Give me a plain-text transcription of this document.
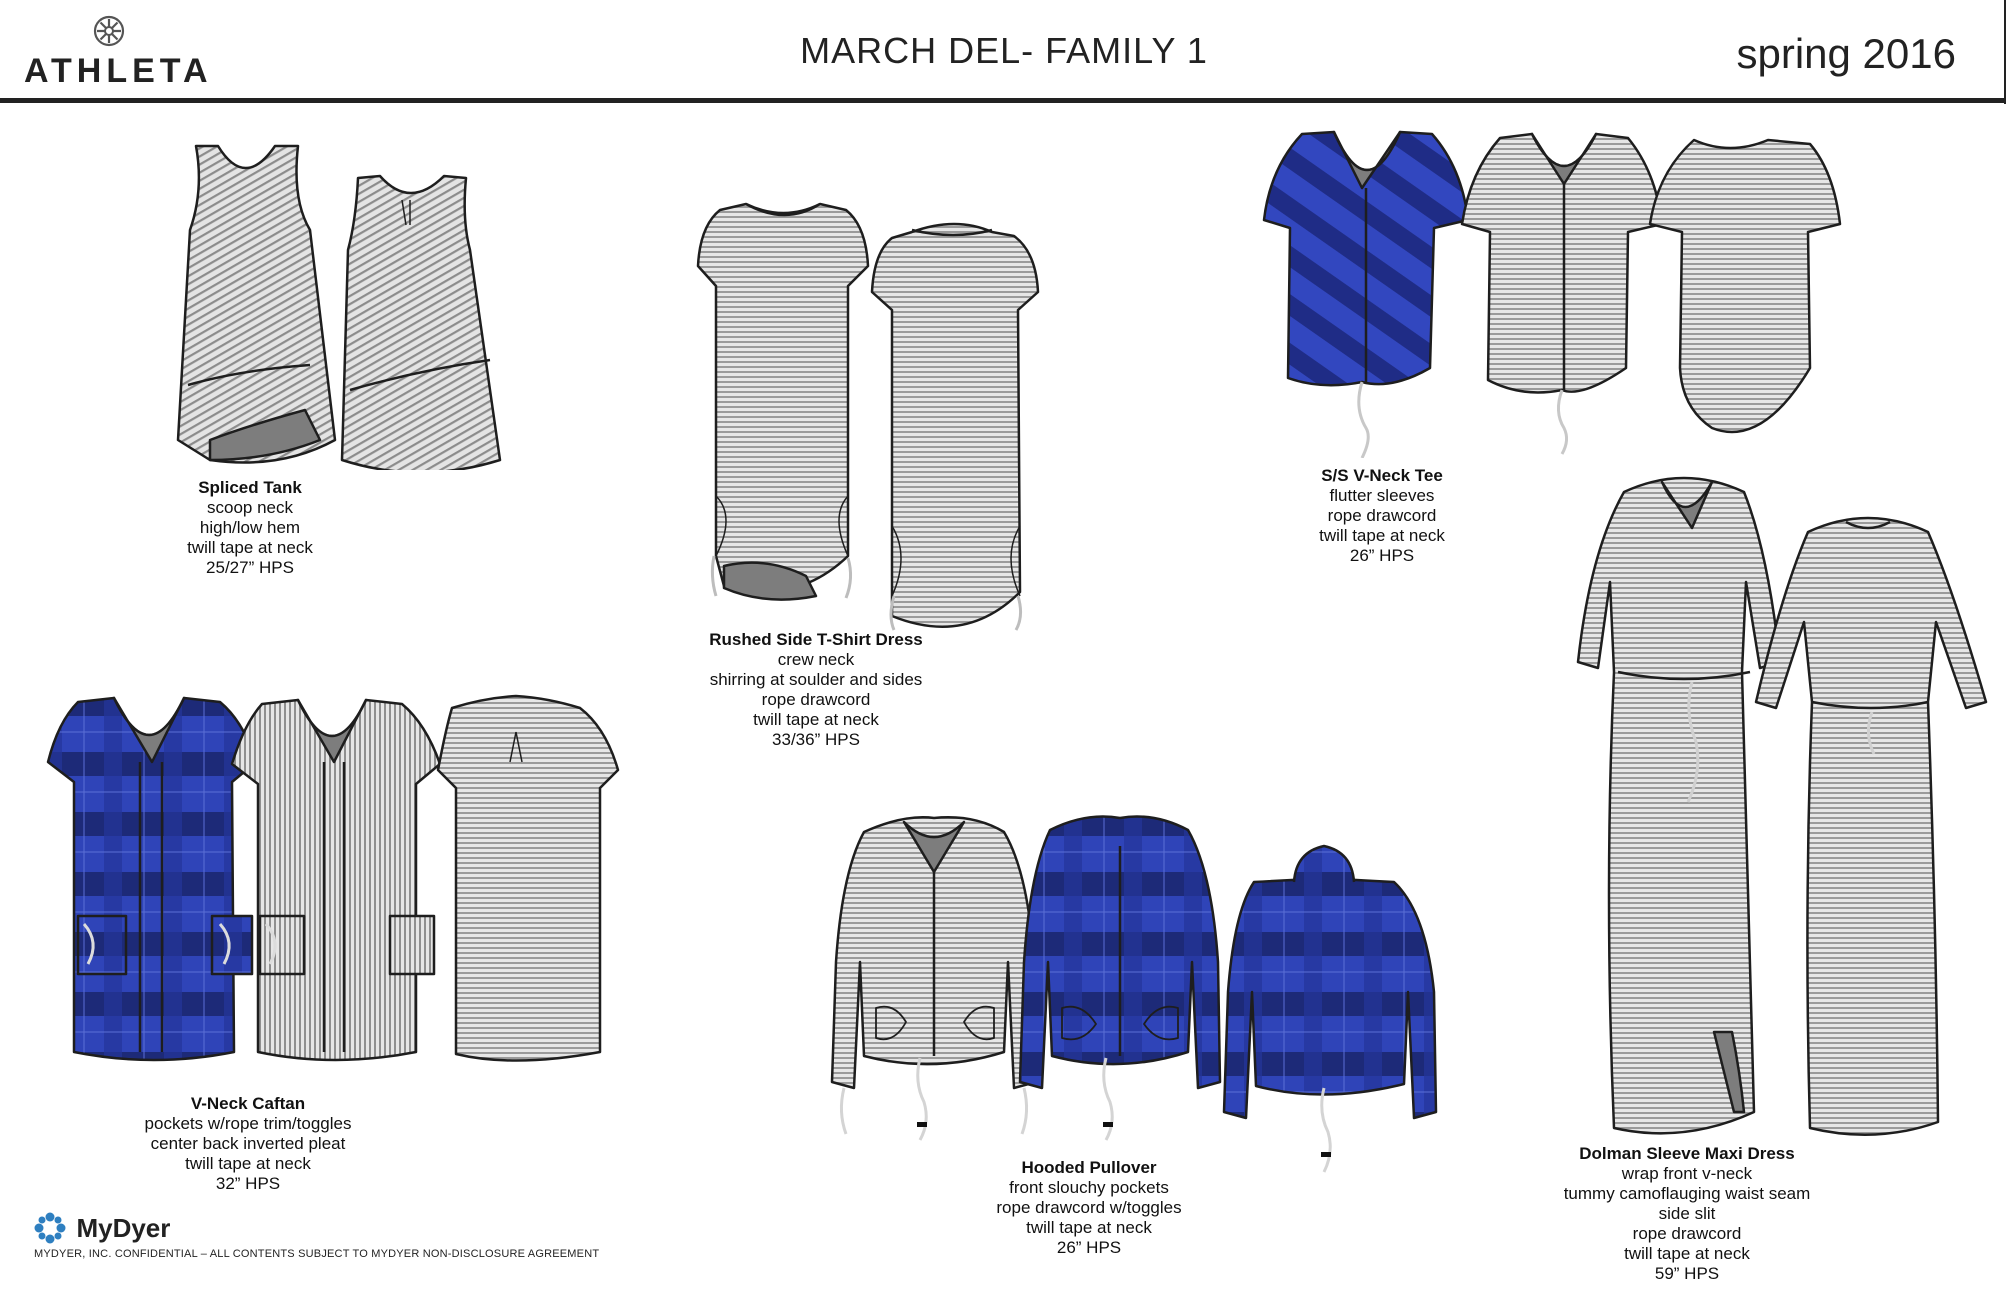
ATHLETA	MARCH DEL- FAMILY 1	spring 2016
Spliced Tank
scoop neck
high/low hem
twill tape at neck
25/27” HPS
Rushed Side T-Shirt Dress
crew neck
shirring at soulder and sides
rope drawcord
twill tape at neck
33/36” HPS
S/S V-Neck Tee
flutter sleeves
rope drawcord
twill tape at neck
26” HPS
V-Neck Caftan
pockets w/rope trim/toggles
center back inverted pleat
twill tape at neck
32” HPS
Hooded Pullover
front slouchy pockets
rope drawcord w/toggles
twill tape at neck
26” HPS
Dolman Sleeve Maxi Dress
wrap front v-neck
tummy camoflauging waist seam
side slit
rope drawcord
twill tape at neck
59” HPS
MyDyer
MYDYER, INC. CONFIDENTIAL – ALL CONTENTS SUBJECT TO MYDYER NON-DISCLOSURE AGREEMENT
